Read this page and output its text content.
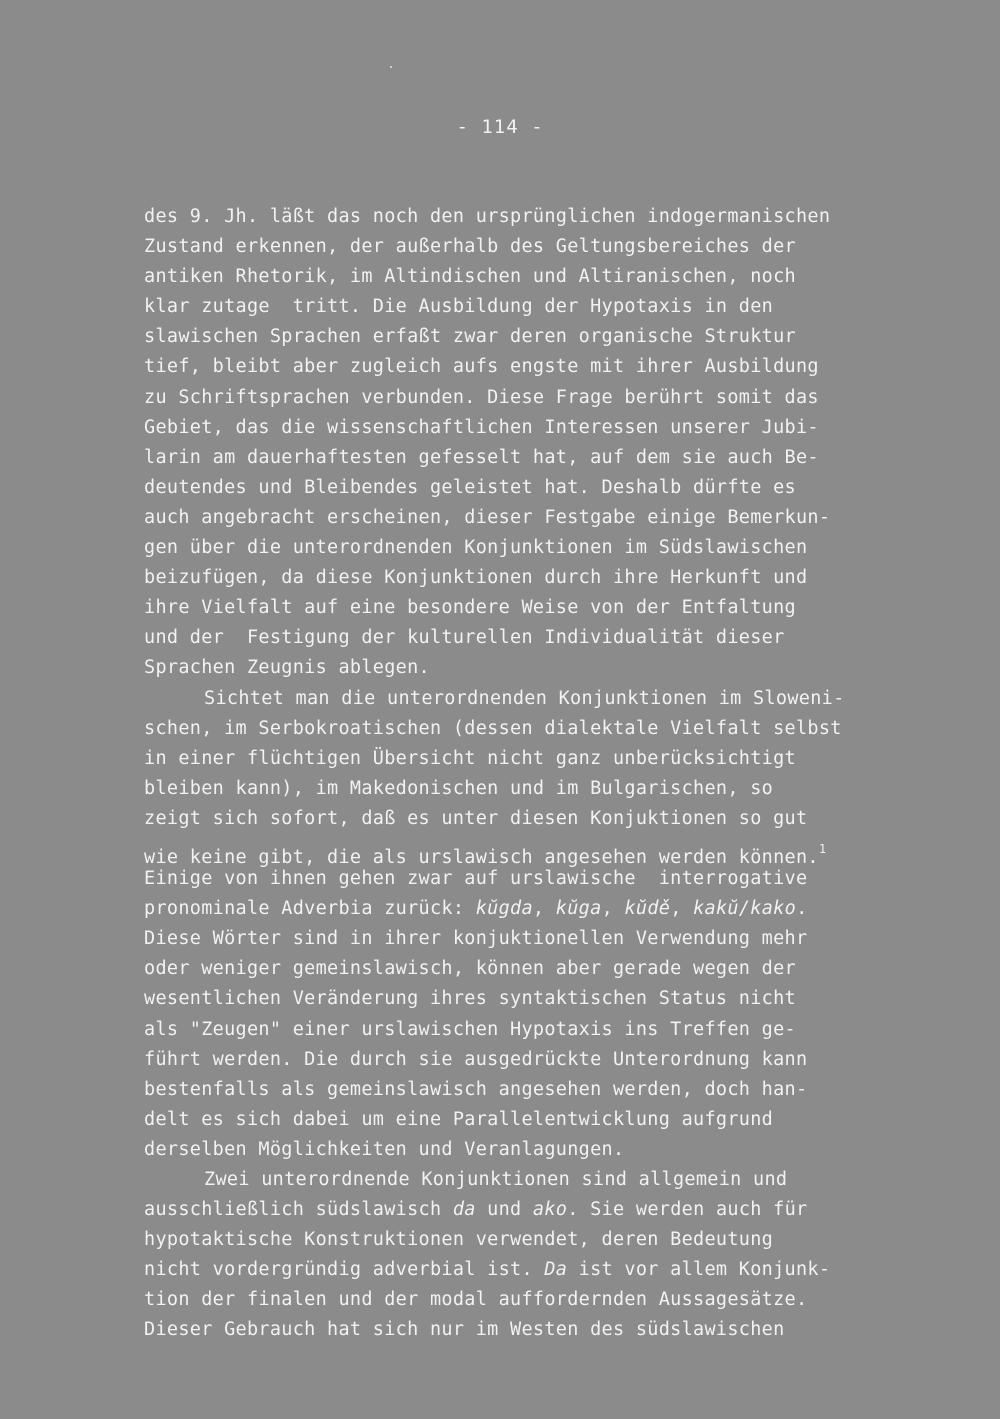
- 114 -
des 9. Jh. läßt das noch den ursprünglichen indogermanischen
Zustand erkennen, der außerhalb des Geltungsbereiches der
antiken Rhetorik, im Altindischen und Altiranischen, noch
klar zutage  tritt. Die Ausbildung der Hypotaxis in den
slawischen Sprachen erfaßt zwar deren organische Struktur
tief, bleibt aber zugleich aufs engste mit ihrer Ausbildung
zu Schriftsprachen verbunden. Diese Frage berührt somit das
Gebiet, das die wissenschaftlichen Interessen unserer Jubi-
larin am dauerhaftesten gefesselt hat, auf dem sie auch Be-
deutendes und Bleibendes geleistet hat. Deshalb dürfte es
auch angebracht erscheinen, dieser Festgabe einige Bemerkun-
gen über die unterordnenden Konjunktionen im Südslawischen
beizufügen, da diese Konjunktionen durch ihre Herkunft und
ihre Vielfalt auf eine besondere Weise von der Entfaltung
und der  Festigung der kulturellen Individualität dieser
Sprachen Zeugnis ablegen.
Sichtet man die unterordnenden Konjunktionen im Sloweni-
schen, im Serbokroatischen (dessen dialektale Vielfalt selbst
in einer flüchtigen Übersicht nicht ganz unberücksichtigt
bleiben kann), im Makedonischen und im Bulgarischen, so
zeigt sich sofort, daß es unter diesen Konjuktionen so gut
wie keine gibt, die als urslawisch angesehen werden können.$^1$
Einige von ihnen gehen zwar auf urslawische  interrogative
pronominale Adverbia zurück: kŭgda, kŭga, kŭdě, kakŭ/kako.
Diese Wörter sind in ihrer konjuktionellen Verwendung mehr
oder weniger gemeinslawisch, können aber gerade wegen der
wesentlichen Veränderung ihres syntaktischen Status nicht
als "Zeugen" einer urslawischen Hypotaxis ins Treffen ge-
führt werden. Die durch sie ausgedrückte Unterordnung kann
bestenfalls als gemeinslawisch angesehen werden, doch han-
delt es sich dabei um eine Parallelentwicklung aufgrund
derselben Möglichkeiten und Veranlagungen.
Zwei unterordnende Konjunktionen sind allgemein und
ausschließlich südslawisch da und ako. Sie werden auch für
hypotaktische Konstruktionen verwendet, deren Bedeutung
nicht vordergründig adverbial ist. Da ist vor allem Konjunk-
tion der finalen und der modal auffordernden Aussagesätze.
Dieser Gebrauch hat sich nur im Westen des südslawischen
